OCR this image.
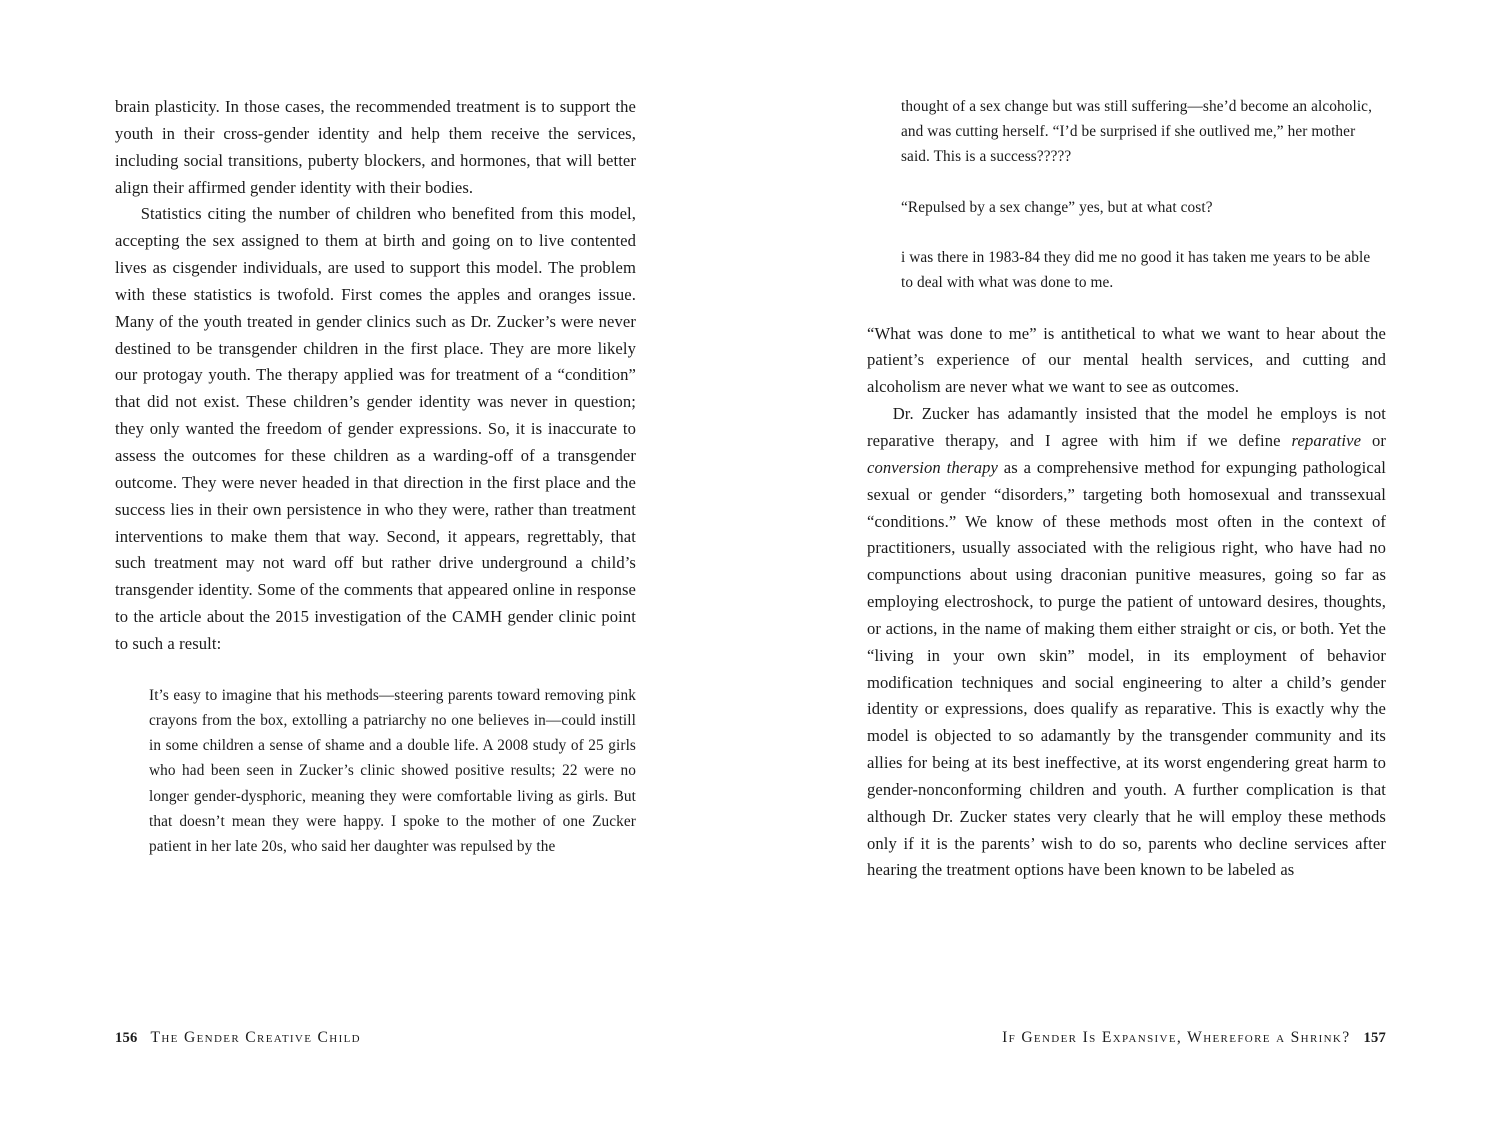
brain plasticity. In those cases, the recommended treatment is to support the youth in their cross-gender identity and help them receive the services, including social transitions, puberty blockers, and hormones, that will better align their affirmed gender identity with their bodies.

Statistics citing the number of children who benefited from this model, accepting the sex assigned to them at birth and going on to live contented lives as cisgender individuals, are used to support this model. The problem with these statistics is twofold. First comes the apples and oranges issue. Many of the youth treated in gender clinics such as Dr. Zucker’s were never destined to be transgender children in the first place. They are more likely our protogay youth. The therapy applied was for treatment of a “condition” that did not exist. These children’s gender identity was never in question; they only wanted the freedom of gender expressions. So, it is inaccurate to assess the outcomes for these children as a warding-off of a transgender outcome. They were never headed in that direction in the first place and the success lies in their own persistence in who they were, rather than treatment interventions to make them that way. Second, it appears, regrettably, that such treatment may not ward off but rather drive underground a child’s transgender identity. Some of the comments that appeared online in response to the article about the 2015 investigation of the CAMH gender clinic point to such a result:

It’s easy to imagine that his methods—steering parents toward removing pink crayons from the box, extolling a patriarchy no one believes in—could instill in some children a sense of shame and a double life. A 2008 study of 25 girls who had been seen in Zucker’s clinic showed positive results; 22 were no longer gender-dysphoric, meaning they were comfortable living as girls. But that doesn’t mean they were happy. I spoke to the mother of one Zucker patient in her late 20s, who said her daughter was repulsed by the

156 The Gender Creative Child

thought of a sex change but was still suffering—she’d become an alcoholic, and was cutting herself. “I’d be surprised if she outlived me,” her mother said. This is a success?????

“Repulsed by a sex change” yes, but at what cost?

i was there in 1983-84 they did me no good it has taken me years to be able to deal with what was done to me.

“What was done to me” is antithetical to what we want to hear about the patient’s experience of our mental health services, and cutting and alcoholism are never what we want to see as outcomes.

Dr. Zucker has adamantly insisted that the model he employs is not reparative therapy, and I agree with him if we define reparative or conversion therapy as a comprehensive method for expunging pathological sexual or gender “disorders,” targeting both homosexual and transsexual “conditions.” We know of these methods most often in the context of practitioners, usually associated with the religious right, who have had no compunctions about using draconian punitive measures, going so far as employing electroshock, to purge the patient of untoward desires, thoughts, or actions, in the name of making them either straight or cis, or both. Yet the “living in your own skin” model, in its employment of behavior modification techniques and social engineering to alter a child’s gender identity or expressions, does qualify as reparative. This is exactly why the model is objected to so adamantly by the transgender community and its allies for being at its best ineffective, at its worst engendering great harm to gender-nonconforming children and youth. A further complication is that although Dr. Zucker states very clearly that he will employ these methods only if it is the parents’ wish to do so, parents who decline services after hearing the treatment options have been known to be labeled as

If Gender Is Expansive, Wherefore a Shrink? 157
